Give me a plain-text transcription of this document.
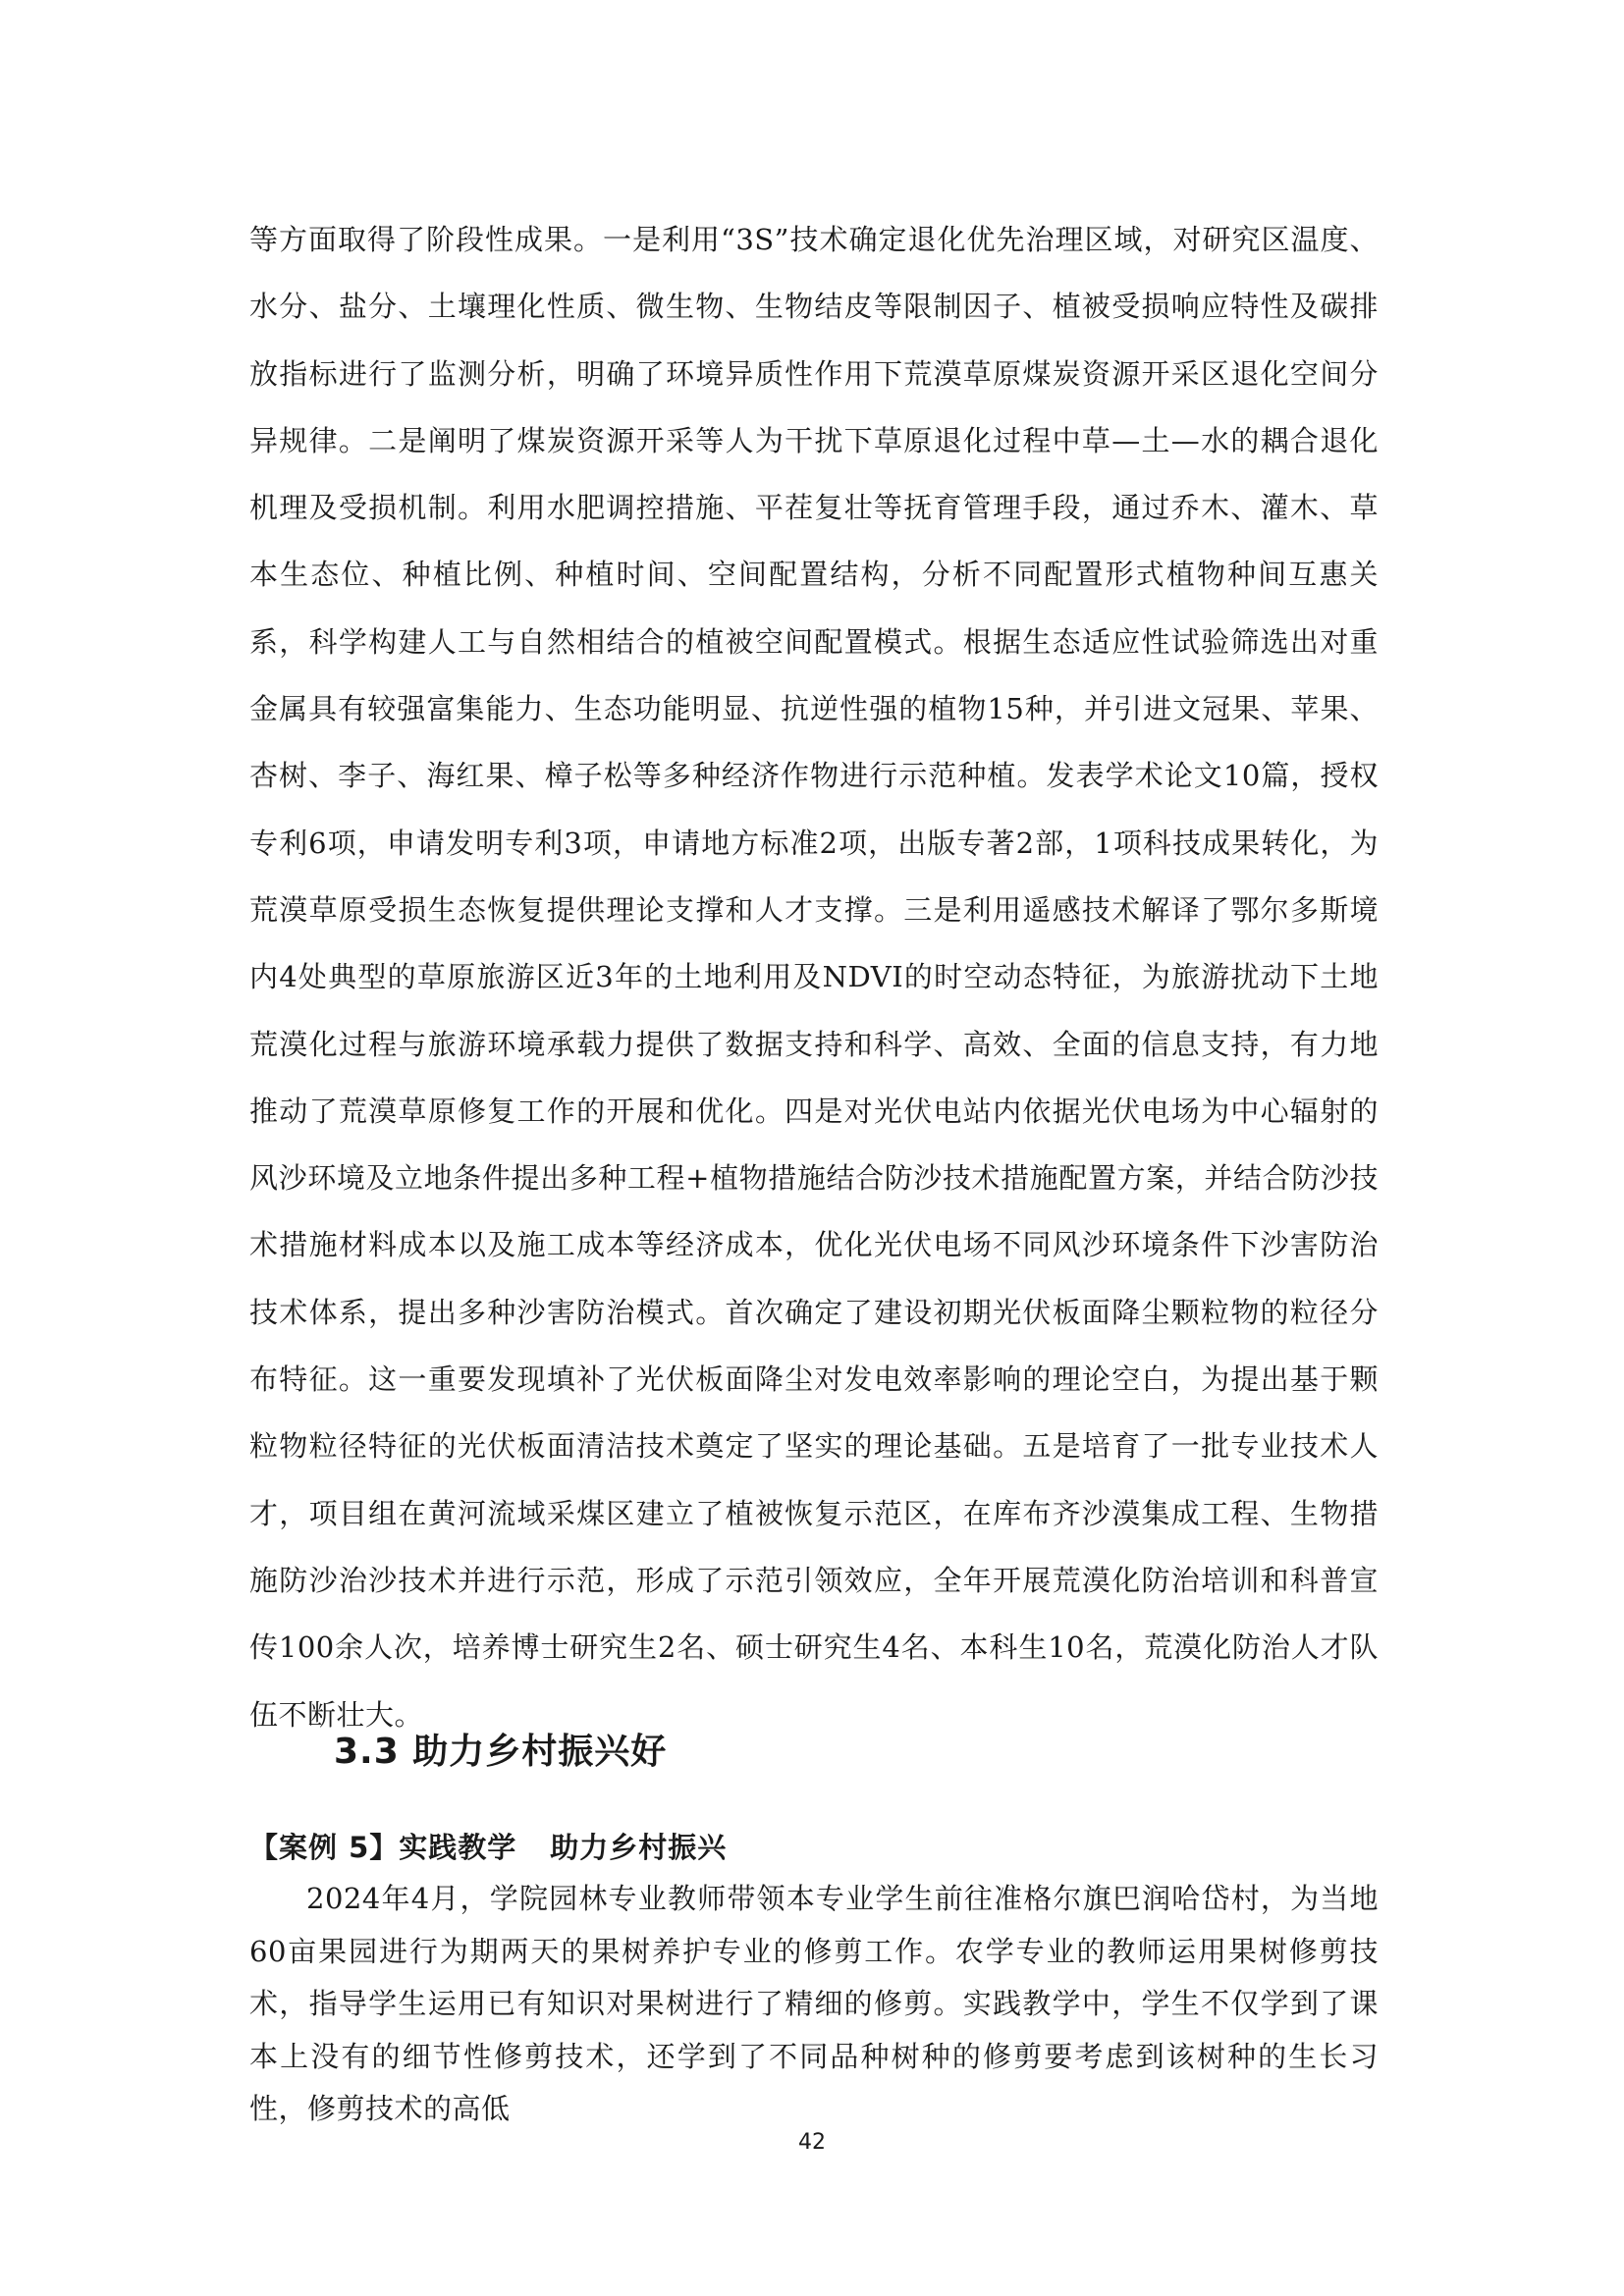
等方面取得了阶段性成果。一是利用“3S”技术确定退化优先治理区域，对研究区温度、水分、盐分、土壤理化性质、微生物、生物结皮等限制因子、植被受损响应特性及碳排放指标进行了监测分析，明确了环境异质性作用下荒漠草原煤炭资源开采区退化空间分异规律。二是阐明了煤炭资源开采等人为干扰下草原退化过程中草—土—水的耦合退化机理及受损机制。利用水肥调控措施、平茬复壮等抚育管理手段，通过乔木、灌木、草本生态位、种植比例、种植时间、空间配置结构，分析不同配置形式植物种间互惠关系，科学构建人工与自然相结合的植被空间配置模式。根据生态适应性试验筛选出对重金属具有较强富集能力、生态功能明显、抗逆性强的植物15种，并引进文冠果、苹果、杏树、李子、海红果、樟子松等多种经济作物进行示范种植。发表学术论文10篇，授权专利6项，申请发明专利3项，申请地方标准2项，出版专著2部，1项科技成果转化，为荒漠草原受损生态恢复提供理论支撑和人才支撑。三是利用遥感技术解译了鄂尔多斯境内4处典型的草原旅游区近3年的土地利用及NDVI的时空动态特征，为旅游扰动下土地荒漠化过程与旅游环境承载力提供了数据支持和科学、高效、全面的信息支持，有力地推动了荒漠草原修复工作的开展和优化。四是对光伏电站内依据光伏电场为中心辐射的风沙环境及立地条件提出多种工程+植物措施结合防沙技术措施配置方案，并结合防沙技术措施材料成本以及施工成本等经济成本，优化光伏电场不同风沙环境条件下沙害防治技术体系，提出多种沙害防治模式。首次确定了建设初期光伏板面降尘颗粒物的粒径分布特征。这一重要发现填补了光伏板面降尘对发电效率影响的理论空白，为提出基于颗粒物粒径特征的光伏板面清洁技术奠定了坚实的理论基础。五是培育了一批专业技术人才，项目组在黄河流域采煤区建立了植被恢复示范区，在库布齐沙漠集成工程、生物措施防沙治沙技术并进行示范，形成了示范引领效应，全年开展荒漠化防治培训和科普宣传100余人次，培养博士研究生2名、硕士研究生4名、本科生10名，荒漠化防治人才队伍不断壮大。

3.3 助力乡村振兴好
【案例 5】实践教学 助力乡村振兴

2024年4月，学院园林专业教师带领本专业学生前往准格尔旗巴润哈岱村，为当地60亩果园进行为期两天的果树养护专业的修剪工作。农学专业的教师运用果树修剪技术，指导学生运用已有知识对果树进行了精细的修剪。实践教学中，学生不仅学到了课本上没有的细节性修剪技术，还学到了不同品种树种的修剪要考虑到该树种的生长习性，修剪技术的高低

42
